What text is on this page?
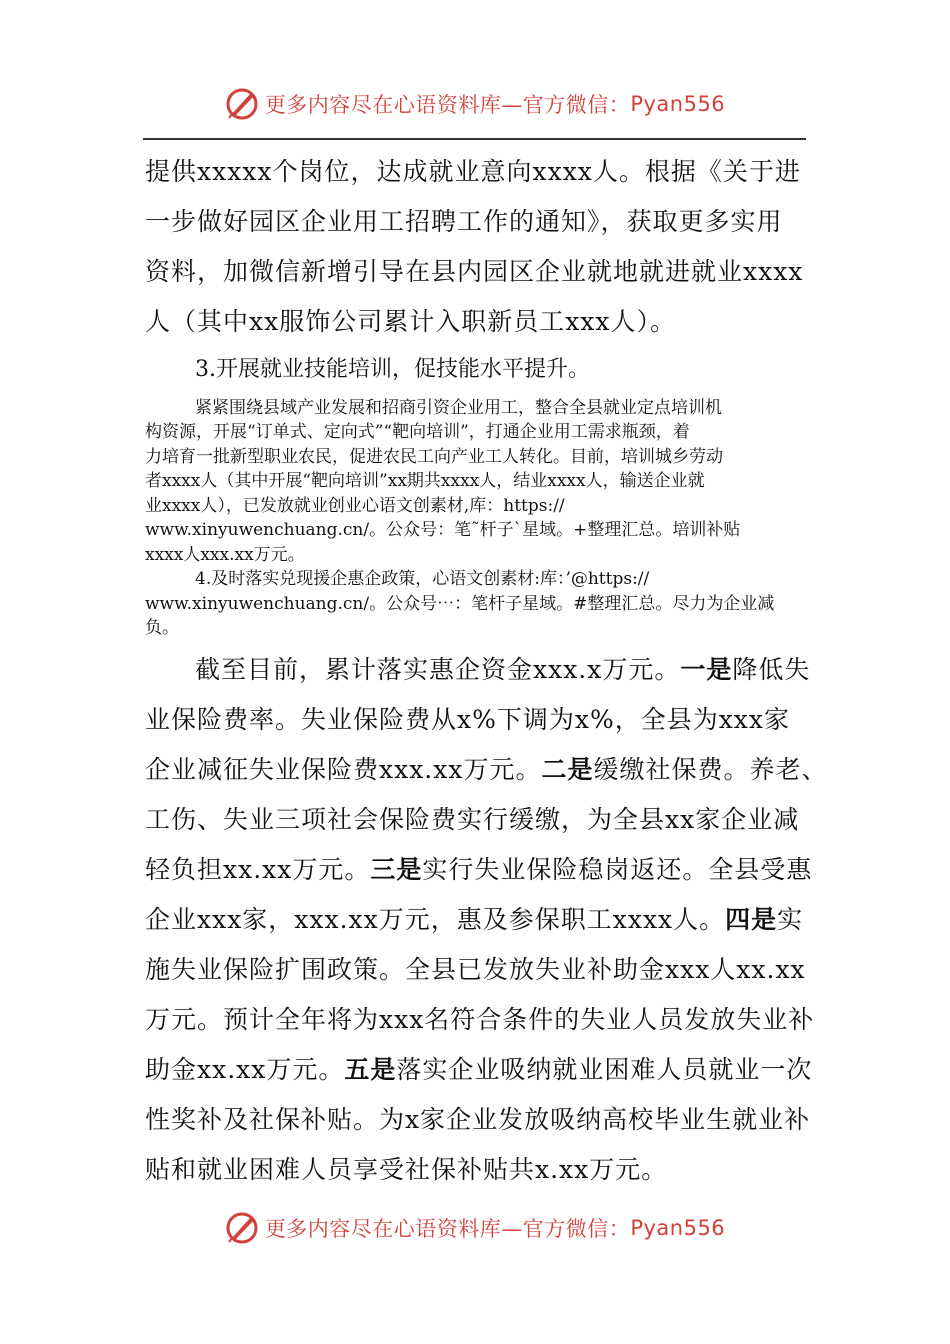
更多内容尽在心语资料库—官方微信： Pyan556
提供xxxxx个岗位，达成就业意向xxxx人。根据《关于进
一步做好园区企业用工招聘工作的通知》，获取更多实用
资料，加微信新增引导在县内园区企业就地就进就业xxxx
人（其中xx服饰公司累计入职新员工xxx人）。
3.开展就业技能培训，促技能水平提升。
紧紧围绕县域产业发展和招商引资企业用工，整合全县就业定点培训机
构资源，开展“订单式、定向式”“靶向培训”，打通企业用工需求瓶颈，着
力培育一批新型职业农民，促进农民工向产业工人转化。目前，培训城乡劳动
者xxxx人（其中开展“靶向培训”xx期共xxxx人，结业xxxx人，输送企业就
业xxxx人），已发放就业创业心语文创素材,库：https://
www.xinyuwenchuang.cn/。公众号：笔˜杆子`星域。+整理汇总。培训补贴
xxxx人xxx.xx万元。
4.及时落实兑现援企惠企政策，心语文创素材:库：’@https://
www.xinyuwenchuang.cn/。公众号⋯：笔杆子星域。#整理汇总。尽力为企业减
负。
截至目前，累计落实惠企资金xxx.x万元。一是降低失
业保险费率。失业保险费从x%下调为x%，全县为xxx家
企业减征失业保险费xxx.xx万元。二是缓缴社保费。养老、
工伤、失业三项社会保险费实行缓缴，为全县xx家企业减
轻负担xx.xx万元。三是实行失业保险稳岗返还。全县受惠
企业xxx家，xxx.xx万元，惠及参保职工xxxx人。四是实
施失业保险扩围政策。全县已发放失业补助金xxx人xx.xx
万元。预计全年将为xxx名符合条件的失业人员发放失业补
助金xx.xx万元。五是落实企业吸纳就业困难人员就业一次
性奖补及社保补贴。为x家企业发放吸纳高校毕业生就业补
贴和就业困难人员享受社保补贴共x.xx万元。
更多内容尽在心语资料库—官方微信： Pyan556
